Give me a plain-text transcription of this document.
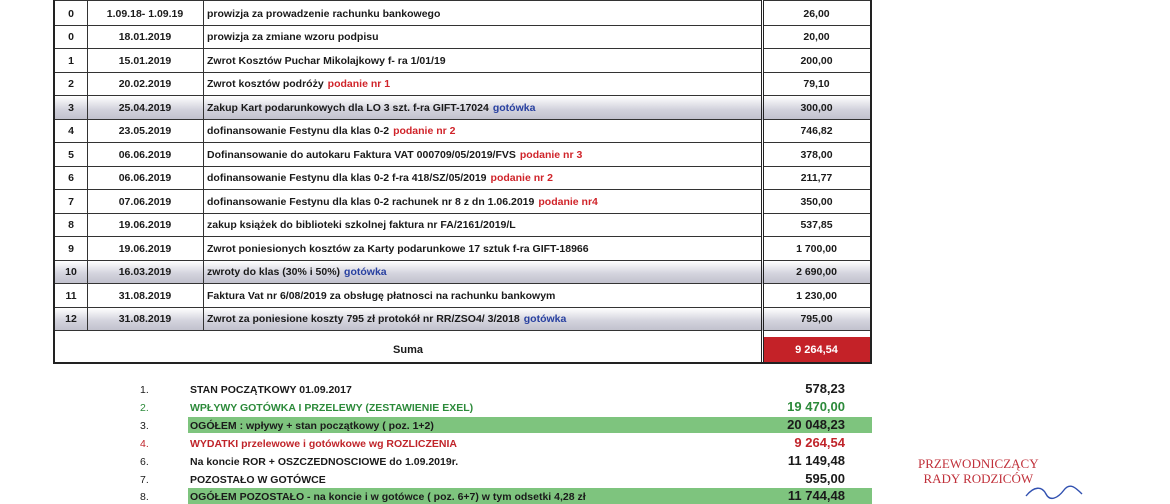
Suma	9 264,54
0	1.09.18- 1.09.19	prowizja za prowadzenie rachunku bankowego	26,00
0	18.01.2019	prowizja za zmiane wzoru podpisu	20,00
1	15.01.2019	Zwrot Kosztów Puchar Mikolajkowy f- ra 1/01/19	200,00
2	20.02.2019	Zwrot kosztów podróży podanie nr 1	79,10
3	25.04.2019	Zakup Kart podarunkowych dla LO 3 szt. f-ra GIFT-17024 gotówka	300,00
4	23.05.2019	dofinansowanie Festynu dla klas 0-2 podanie nr 2	746,82
5	06.06.2019	Dofinansowanie do autokaru Faktura VAT 000709/05/2019/FVS podanie nr 3	378,00
6	06.06.2019	dofinansowanie Festynu dla klas 0-2 f-ra 418/SZ/05/2019 podanie nr 2	211,77
7	07.06.2019	dofinansowanie Festynu dla klas 0-2 rachunek nr 8 z dn 1.06.2019 podanie nr4	350,00
8	19.06.2019	zakup książek do biblioteki szkolnej faktura nr FA/2161/2019/L	537,85
9	19.06.2019	Zwrot poniesionych kosztów za Karty podarunkowe 17 sztuk f-ra GIFT-18966	1 700,00
10	16.03.2019	zwroty do klas (30% i 50%) gotówka	2 690,00
11	31.08.2019	Faktura Vat nr 6/08/2019 za obsługę płatnosci na rachunku bankowym	1 230,00
12	31.08.2019	Zwrot za poniesione koszty 795 zł protokół nr RR/ZSO4/ 3/2018 gotówka	795,00
1.	STAN POCZĄTKOWY 01.09.2017	578,23
2.	WPŁYWY GOTÓWKA I PRZELEWY (ZESTAWIENIE EXEL)	19 470,00
3.	OGÓŁEM : wpływy + stan początkowy ( poz. 1+2)	20 048,23
4.	WYDATKI przelewowe i gotówkowe wg ROZLICZENIA	9 264,54
6.	Na koncie ROR + OSZCZEDNOSCIOWE do 1.09.2019r.	11 149,48
7.	POZOSTAŁO W GOTÓWCE	595,00
8.	OGÓŁEM POZOSTAŁO - na koncie i w gotówce ( poz. 6+7) w tym odsetki 4,28 zł	11 744,48
PRZEWODNICZĄCY
RADY RODZICÓW
